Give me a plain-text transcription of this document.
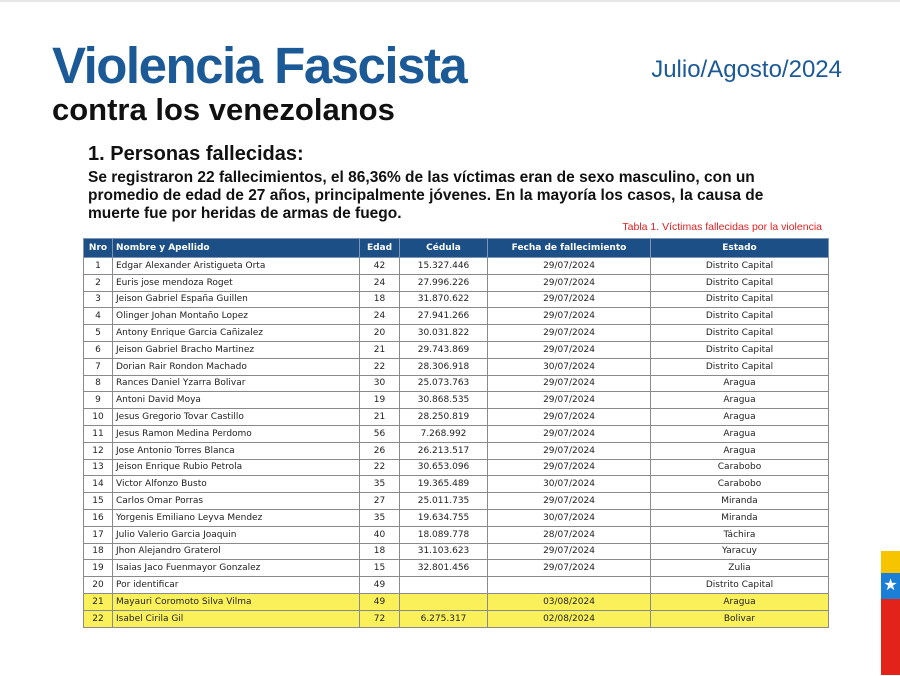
Violencia Fascista
contra los venezolanos
Julio/Agosto/2024
1. Personas fallecidas:

Se registraron 22 fallecimientos, el 86,36% de las víctimas eran de sexo masculino, con un promedio de edad de 27 años, principalmente jóvenes. En la mayoría los casos, la causa de muerte fue por heridas de armas de fuego.

Tabla 1. Víctimas fallecidas por la violencia
Nro	Nombre y Apellido	Edad	Cédula	Fecha de fallecimiento	Estado
1	Edgar Alexander Aristigueta Orta	42	15.327.446	29/07/2024	Distrito Capital
2	Euris jose mendoza Roget	24	27.996.226	29/07/2024	Distrito Capital
3	Jeison Gabriel España Guillen	18	31.870.622	29/07/2024	Distrito Capital
4	Olinger Johan Montaño Lopez	24	27.941.266	29/07/2024	Distrito Capital
5	Antony Enrique Garcia Cañizalez	20	30.031.822	29/07/2024	Distrito Capital
6	Jeison Gabriel Bracho Martinez	21	29.743.869	29/07/2024	Distrito Capital
7	Dorian Rair Rondon Machado	22	28.306.918	30/07/2024	Distrito Capital
8	Rances Daniel Yzarra Bolivar	30	25.073.763	29/07/2024	Aragua
9	Antoni David Moya	19	30.868.535	29/07/2024	Aragua
10	Jesus Gregorio Tovar Castillo	21	28.250.819	29/07/2024	Aragua
11	Jesus Ramon Medina Perdomo	56	7.268.992	29/07/2024	Aragua
12	Jose Antonio Torres Blanca	26	26.213.517	29/07/2024	Aragua
13	Jeison Enrique Rubio Petrola	22	30.653.096	29/07/2024	Carabobo
14	Victor Alfonzo Busto	35	19.365.489	30/07/2024	Carabobo
15	Carlos Omar Porras	27	25.011.735	29/07/2024	Miranda
16	Yorgenis Emiliano Leyva Mendez	35	19.634.755	30/07/2024	Miranda
17	Julio Valerio Garcia Joaquin	40	18.089.778	28/07/2024	Táchira
18	Jhon Alejandro Graterol	18	31.103.623	29/07/2024	Yaracuy
19	Isaias Jaco Fuenmayor Gonzalez	15	32.801.456	29/07/2024	Zulia
20	Por identificar	49			Distrito Capital
21	Mayauri Coromoto Silva Vilma	49		03/08/2024	Aragua
22	Isabel Cirila Gil	72	6.275.317	02/08/2024	Bolivar
★
